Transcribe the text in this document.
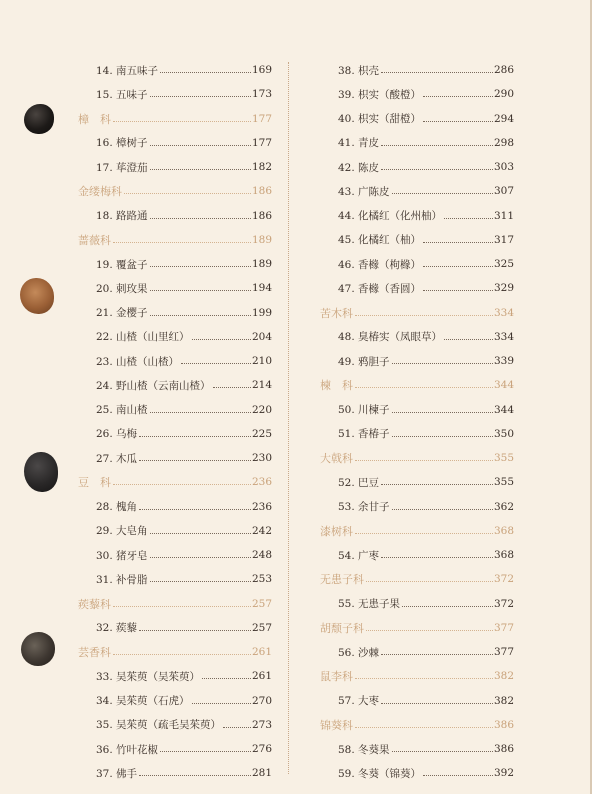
14. 南五味子	169
15. 五味子	173
樟　科	177
16. 樟树子	177
17. 荜澄茄	182
金缕梅科	186
18. 路路通	186
蔷薇科	189
19. 覆盆子	189
20. 刺玫果	194
21. 金樱子	199
22. 山楂（山里红）	204
23. 山楂（山楂）	210
24. 野山楂（云南山楂）	214
25. 南山楂	220
26. 乌梅	225
27. 木瓜	230
豆　科	236
28. 槐角	236
29. 大皂角	242
30. 猪牙皂	248
31. 补骨脂	253
蒺藜科	257
32. 蒺藜	257
芸香科	261
33. 吴茱萸（吴茱萸）	261
34. 吴茱萸（石虎）	270
35. 吴茱萸（疏毛吴茱萸）	273
36. 竹叶花椒	276
37. 佛手	281
38. 枳壳	286
39. 枳实（酸橙）	290
40. 枳实（甜橙）	294
41. 青皮	298
42. 陈皮	303
43. 广陈皮	307
44. 化橘红（化州柚）	311
45. 化橘红（柚）	317
46. 香橼（枸橼）	325
47. 香橼（香圆）	329
苦木科	334
48. 臭椿实（凤眼草）	334
49. 鸦胆子	339
楝　科	344
50. 川楝子	344
51. 香椿子	350
大戟科	355
52. 巴豆	355
53. 余甘子	362
漆树科	368
54. 广枣	368
无患子科	372
55. 无患子果	372
胡颓子科	377
56. 沙棘	377
鼠李科	382
57. 大枣	382
锦葵科	386
58. 冬葵果	386
59. 冬葵（锦葵）	392
